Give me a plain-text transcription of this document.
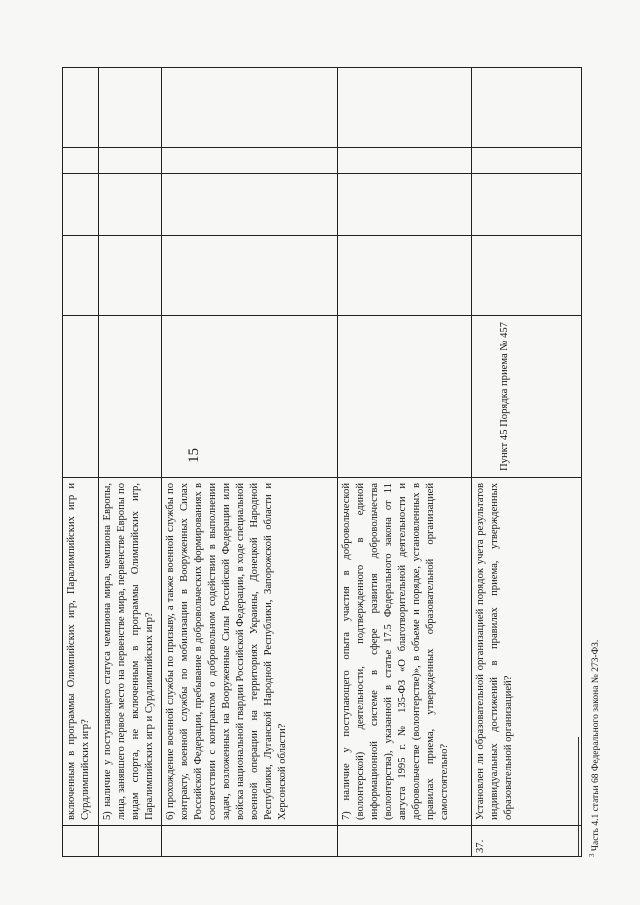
15
включенным в программы Олимпийских игр, Паралимпийских игр и Сурдлимпийских игр?	5) наличие у поступающего статуса чемпиона мира, чемпиона Европы, лица, занявшего первое место на первенстве мира, первенстве Европы по видам спорта, не включенным в программы Олимпийских игр, Паралимпийских игр и Сурдлимпийских игр? 6) прохождение военной службы по призыву, а также военной службы по контракту, военной службы по мобилизации в Вооруженных Силах Российской Федерации, пребывание в добровольческих формированиях в соответствии с контрактом о добровольном содействии в выполнении задач, возложенных на Вооруженные Силы Российской Федерации или войска национальной гвардии Российской Федерации, в ходе специальной военной операции на территориях Украины, Донецкой Народной Республики, Луганской Народной Республики, Запорожской области и Херсонской области?	7) наличие у поступающего опыта участия в добровольческой (волонтерской) деятельности, подтвержденного в единой информационной системе в сфере развития добровольчества (волонтерства), указанной в статье 17.5 Федерального закона от 11 августа 1995 г. № 135-ФЗ «О благотворительной деятельности и добровольчестве (волонтерстве)», в объеме и порядке, установленных в правилах приема, утвержденных образовательной организацией самостоятельно?
37.
Установлен ли образовательной организацией порядок учета результатов индивидуальных достижений в правилах приема, утвержденных образовательной организацией?
Пункт 45 Порядка приема № 457
$^3$ Часть 4.1 статьи 68 Федерального закона № 273-ФЗ.
